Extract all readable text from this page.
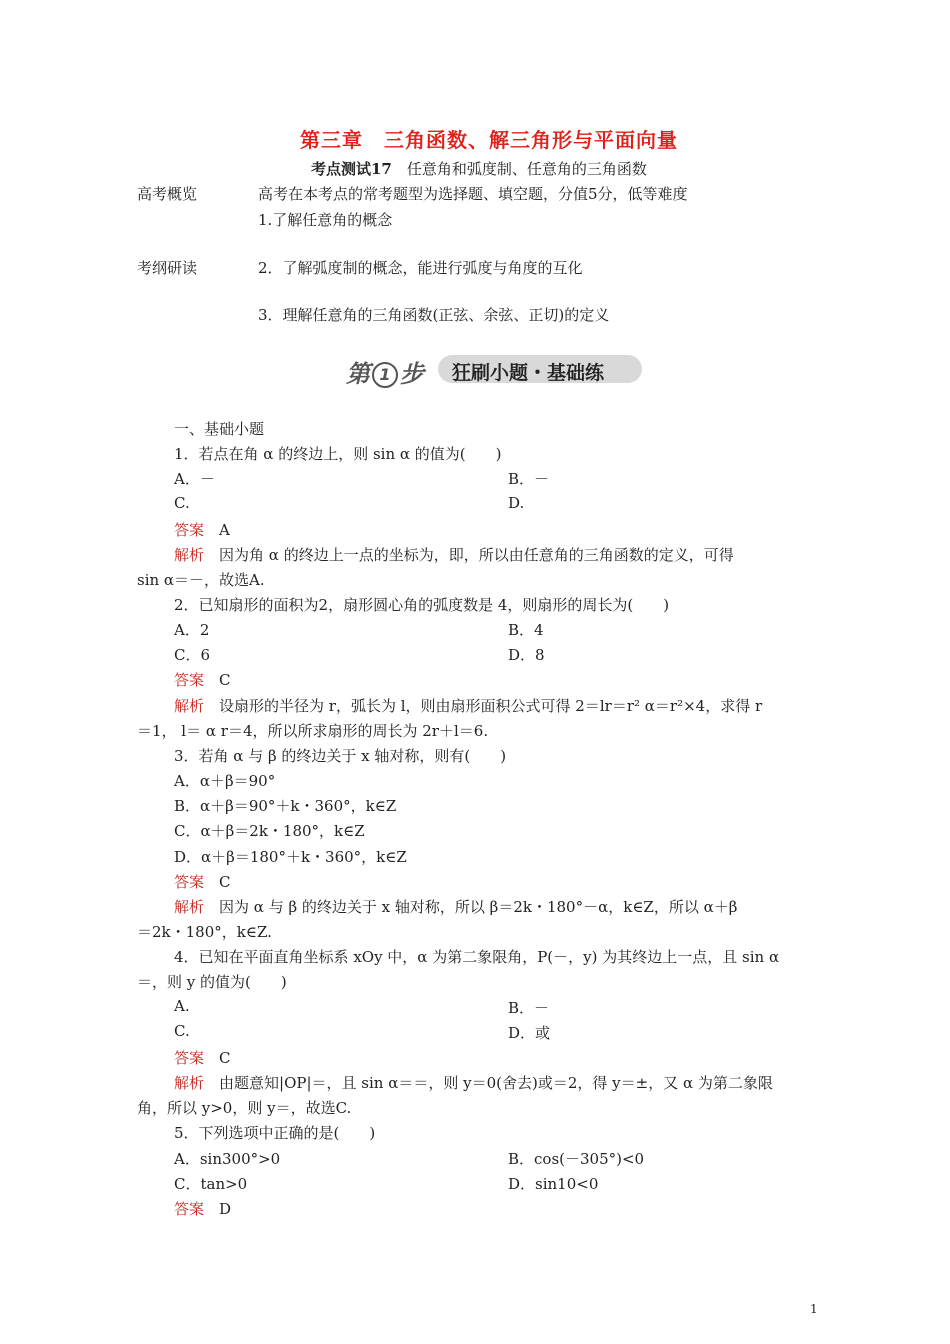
第三章　三角函数、解三角形与平面向量
考点测试17　 任意角和弧度制、任意角的三角函数
高考概览	高考在本考点的常考题型为选择题、填空题，分值5分，低等难度
1.了解任意角的概念
考纲研读	2．了解弧度制的概念，能进行弧度与角度的互化
3．理解任意角的三角函数(正弦、余弦、正切)的定义
第 1 步 狂刷小题・基础练
一、基础小题
1．若点在角 α 的终边上，则 sin α 的值为(　　)
A．－	B．－
C.	D.
答案　 A
解析　 因为角 α 的终边上一点的坐标为，即，所以由任意角的三角函数的定义，可得
sin α＝－，故选A.
2．已知扇形的面积为2，扇形圆心角的弧度数是 4，则扇形的周长为(　　)
A．2	B．4
C．6	D．8
答案　 C
解析　 设扇形的半径为 r，弧长为 l，则由扇形面积公式可得 2＝lr＝r² α＝r²×4，求得 r
＝1， l＝ α r＝4，所以所求扇形的周长为 2r＋l＝6.
3．若角 α 与 β 的终边关于 x 轴对称，则有(　　)
A．α＋β＝90°
B．α＋β＝90°＋k・360°，k∈Z
C．α＋β＝2k・180°，k∈Z
D．α＋β＝180°＋k・360°，k∈Z
答案　 C
解析　 因为 α 与 β 的终边关于 x 轴对称，所以 β＝2k・180°－α，k∈Z，所以 α＋β
＝2k・180°，k∈Z.
4．已知在平面直角坐标系 xOy 中，α 为第二象限角，P(－，y) 为其终边上一点，且 sin α
＝，则 y 的值为(　　)
A.	B．－
C.	D．或
答案　 C
解析　 由题意知|OP|＝，且 sin α＝＝，则 y＝0(舍去)或＝2，得 y＝±，又 α 为第二象限
角，所以 y>0，则 y＝，故选C.
5．下列选项中正确的是(　　)
A．sin300°>0	B．cos(－305°)<0
C．tan>0	D．sin10<0
答案　 D
1
